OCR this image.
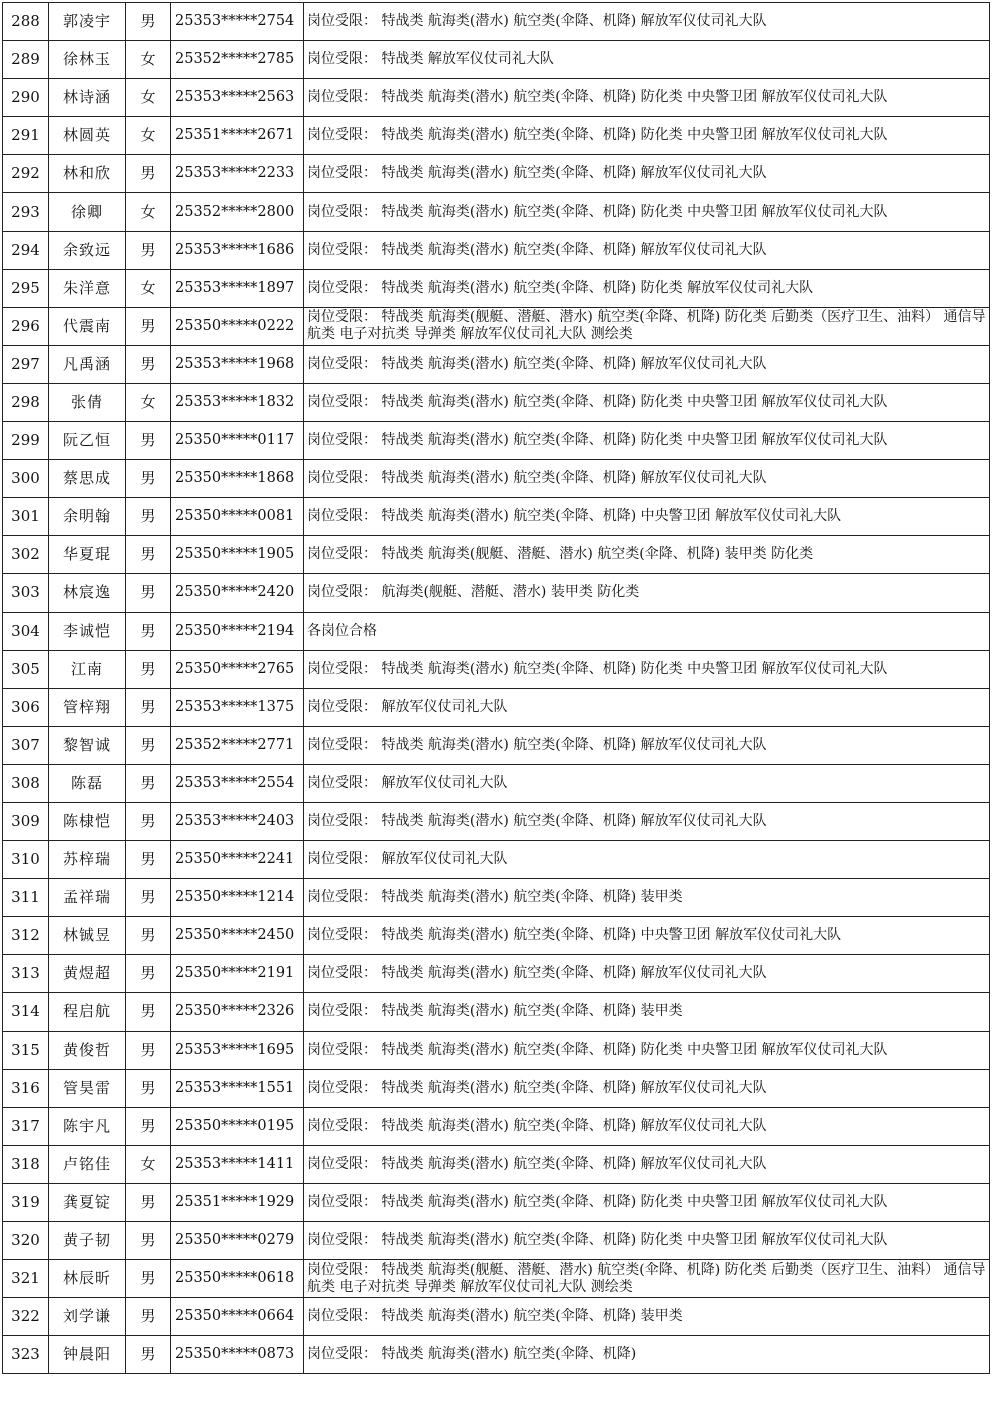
288	郭凌宇	男	25353*****2754	岗位受限： 特战类 航海类(潜水) 航空类(伞降、机降) 解放军仪仗司礼大队
289	徐林玉	女	25352*****2785	岗位受限： 特战类 解放军仪仗司礼大队
290	林诗涵	女	25353*****2563	岗位受限： 特战类 航海类(潜水) 航空类(伞降、机降) 防化类 中央警卫团 解放军仪仗司礼大队
291	林圆英	女	25351*****2671	岗位受限： 特战类 航海类(潜水) 航空类(伞降、机降) 防化类 中央警卫团 解放军仪仗司礼大队
292	林和欣	男	25353*****2233	岗位受限： 特战类 航海类(潜水) 航空类(伞降、机降) 解放军仪仗司礼大队
293	徐卿	女	25352*****2800	岗位受限： 特战类 航海类(潜水) 航空类(伞降、机降) 防化类 中央警卫团 解放军仪仗司礼大队
294	余致远	男	25353*****1686	岗位受限： 特战类 航海类(潜水) 航空类(伞降、机降) 解放军仪仗司礼大队
295	朱洋意	女	25353*****1897	岗位受限： 特战类 航海类(潜水) 航空类(伞降、机降) 防化类 解放军仪仗司礼大队
296	代震南	男	25350*****0222	岗位受限： 特战类 航海类(舰艇、潜艇、潜水) 航空类(伞降、机降) 防化类 后勤类（医疗卫生、油料） 通信导航类 电子对抗类 导弹类 解放军仪仗司礼大队 测绘类
297	凡禹涵	男	25353*****1968	岗位受限： 特战类 航海类(潜水) 航空类(伞降、机降) 解放军仪仗司礼大队
298	张倩	女	25353*****1832	岗位受限： 特战类 航海类(潜水) 航空类(伞降、机降) 防化类 中央警卫团 解放军仪仗司礼大队
299	阮乙恒	男	25350*****0117	岗位受限： 特战类 航海类(潜水) 航空类(伞降、机降) 防化类 中央警卫团 解放军仪仗司礼大队
300	蔡思成	男	25350*****1868	岗位受限： 特战类 航海类(潜水) 航空类(伞降、机降) 解放军仪仗司礼大队
301	余明翰	男	25350*****0081	岗位受限： 特战类 航海类(潜水) 航空类(伞降、机降) 中央警卫团 解放军仪仗司礼大队
302	华夏琨	男	25350*****1905	岗位受限： 特战类 航海类(舰艇、潜艇、潜水) 航空类(伞降、机降) 装甲类 防化类
303	林宸逸	男	25350*****2420	岗位受限： 航海类(舰艇、潜艇、潜水) 装甲类 防化类
304	李诚恺	男	25350*****2194	各岗位合格
305	江南	男	25350*****2765	岗位受限： 特战类 航海类(潜水) 航空类(伞降、机降) 防化类 中央警卫团 解放军仪仗司礼大队
306	管梓翔	男	25353*****1375	岗位受限： 解放军仪仗司礼大队
307	黎智诚	男	25352*****2771	岗位受限： 特战类 航海类(潜水) 航空类(伞降、机降) 解放军仪仗司礼大队
308	陈磊	男	25353*****2554	岗位受限： 解放军仪仗司礼大队
309	陈棣恺	男	25353*****2403	岗位受限： 特战类 航海类(潜水) 航空类(伞降、机降) 解放军仪仗司礼大队
310	苏梓瑞	男	25350*****2241	岗位受限： 解放军仪仗司礼大队
311	孟祥瑞	男	25350*****1214	岗位受限： 特战类 航海类(潜水) 航空类(伞降、机降) 装甲类
312	林铖昱	男	25350*****2450	岗位受限： 特战类 航海类(潜水) 航空类(伞降、机降) 中央警卫团 解放军仪仗司礼大队
313	黄煜超	男	25350*****2191	岗位受限： 特战类 航海类(潜水) 航空类(伞降、机降) 解放军仪仗司礼大队
314	程启航	男	25350*****2326	岗位受限： 特战类 航海类(潜水) 航空类(伞降、机降) 装甲类
315	黄俊哲	男	25353*****1695	岗位受限： 特战类 航海类(潜水) 航空类(伞降、机降) 防化类 中央警卫团 解放军仪仗司礼大队
316	管昊雷	男	25353*****1551	岗位受限： 特战类 航海类(潜水) 航空类(伞降、机降) 解放军仪仗司礼大队
317	陈宇凡	男	25350*****0195	岗位受限： 特战类 航海类(潜水) 航空类(伞降、机降) 解放军仪仗司礼大队
318	卢铭佳	女	25353*****1411	岗位受限： 特战类 航海类(潜水) 航空类(伞降、机降) 解放军仪仗司礼大队
319	龚夏锭	男	25351*****1929	岗位受限： 特战类 航海类(潜水) 航空类(伞降、机降) 防化类 中央警卫团 解放军仪仗司礼大队
320	黄子韧	男	25350*****0279	岗位受限： 特战类 航海类(潜水) 航空类(伞降、机降) 防化类 中央警卫团 解放军仪仗司礼大队
321	林辰昕	男	25350*****0618	岗位受限： 特战类 航海类(舰艇、潜艇、潜水) 航空类(伞降、机降) 防化类 后勤类（医疗卫生、油料） 通信导航类 电子对抗类 导弹类 解放军仪仗司礼大队 测绘类
322	刘学谦	男	25350*****0664	岗位受限： 特战类 航海类(潜水) 航空类(伞降、机降) 装甲类
323	钟晨阳	男	25350*****0873	岗位受限： 特战类 航海类(潜水) 航空类(伞降、机降)
